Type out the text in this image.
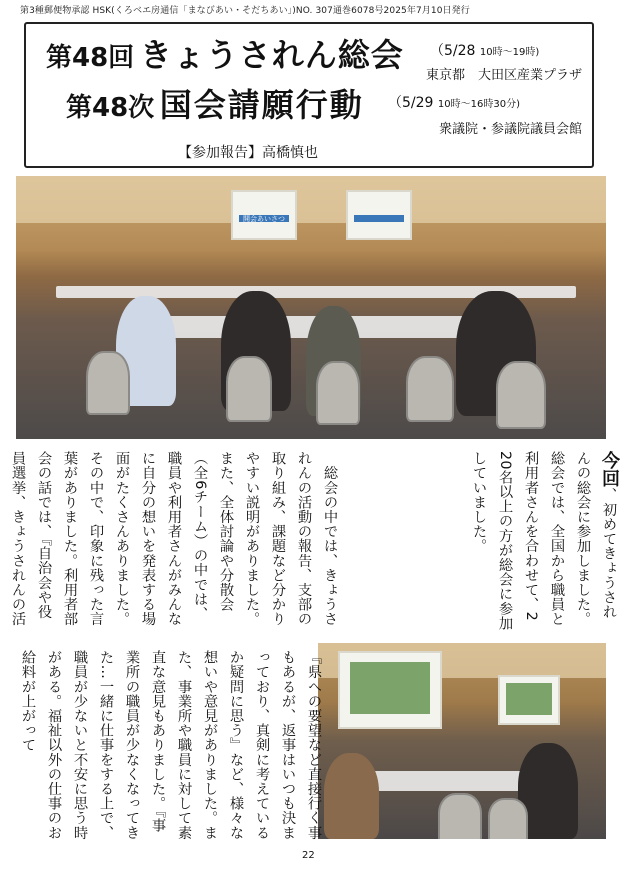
第3種郵便物承認 HSK(くろベエ房通信「まなびあい・そだちあい」)NO. 307通巻6078号2025年7月10日発行
第48回 きょうされん総会 （5/28 10時〜19時)
東京都　大田区産業プラザ
第48次 国会請願行動 （5/29 10時〜16時30分)
衆議院・参議院議員会館
【参加報告】高橋慎也
開会あいさつ
今回、初めてきょうされんの総会に参加しました。総会では、全国から職員と利用者さんを合わせて、2 20名以上の方が総会に参加していました。
　総会の中では、きょうされんの活動の報告、支部の取り組み、課題など分かりやすい説明がありました。また、全体討論や分散会（全6チーム）の中では、職員や利用者さんがみんなに自分の想いを発表する場面がたくさんありました。その中で、印象に残った言葉がありました。利用者部会の話では、『自治会や役員選挙、きょうされんの活
『県への要望など直接行く事もあるが、返事はいつも決まっており、真剣に考えているか疑問に思う』など、様々な想いや意見がありました。また、事業所や職員に対して素直な意見もありました。『事業所の職員が少なくなってきた…一緒に仕事をする上で、職員が少ないと不安に思う時がある。福祉以外の仕事のお給料が上がって
22
